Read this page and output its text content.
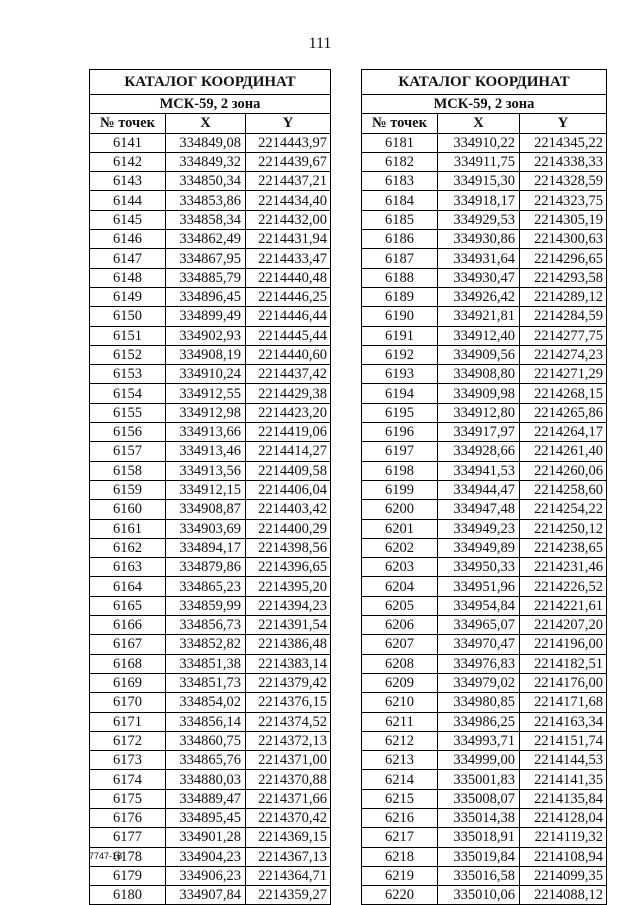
111
КАТАЛОГ КООРДИНАТ		
МСК-59, 2 зона		
№ точек	X	Y
6141	334849,08	2214443,97
6142	334849,32	2214439,67
6143	334850,34	2214437,21
6144	334853,86	2214434,40
6145	334858,34	2214432,00
6146	334862,49	2214431,94
6147	334867,95	2214433,47
6148	334885,79	2214440,48
6149	334896,45	2214446,25
6150	334899,49	2214446,44
6151	334902,93	2214445,44
6152	334908,19	2214440,60
6153	334910,24	2214437,42
6154	334912,55	2214429,38
6155	334912,98	2214423,20
6156	334913,66	2214419,06
6157	334913,46	2214414,27
6158	334913,56	2214409,58
6159	334912,15	2214406,04
6160	334908,87	2214403,42
6161	334903,69	2214400,29
6162	334894,17	2214398,56
6163	334879,86	2214396,65
6164	334865,23	2214395,20
6165	334859,99	2214394,23
6166	334856,73	2214391,54
6167	334852,82	2214386,48
6168	334851,38	2214383,14
6169	334851,73	2214379,42
6170	334854,02	2214376,15
6171	334856,14	2214374,52
6172	334860,75	2214372,13
6173	334865,76	2214371,00
6174	334880,03	2214370,88
6175	334889,47	2214371,66
6176	334895,45	2214370,42
6177	334901,28	2214369,15
6178	334904,23	2214367,13
6179	334906,23	2214364,71
6180	334907,84	2214359,27
КАТАЛОГ КООРДИНАТ		
МСК-59, 2 зона		
№ точек	X	Y
6181	334910,22	2214345,22
6182	334911,75	2214338,33
6183	334915,30	2214328,59
6184	334918,17	2214323,75
6185	334929,53	2214305,19
6186	334930,86	2214300,63
6187	334931,64	2214296,65
6188	334930,47	2214293,58
6189	334926,42	2214289,12
6190	334921,81	2214284,59
6191	334912,40	2214277,75
6192	334909,56	2214274,23
6193	334908,80	2214271,29
6194	334909,98	2214268,15
6195	334912,80	2214265,86
6196	334917,97	2214264,17
6197	334928,66	2214261,40
6198	334941,53	2214260,06
6199	334944,47	2214258,60
6200	334947,48	2214254,22
6201	334949,23	2214250,12
6202	334949,89	2214238,65
6203	334950,33	2214231,46
6204	334951,96	2214226,52
6205	334954,84	2214221,61
6206	334965,07	2214207,20
6207	334970,47	2214196,00
6208	334976,83	2214182,51
6209	334979,02	2214176,00
6210	334980,85	2214171,68
6211	334986,25	2214163,34
6212	334993,71	2214151,74
6213	334999,00	2214144,53
6214	335001,83	2214141,35
6215	335008,07	2214135,84
6216	335014,38	2214128,04
6217	335018,91	2214119,32
6218	335019,84	2214108,94
6219	335016,58	2214099,35
6220	335010,06	2214088,12
7747-18
